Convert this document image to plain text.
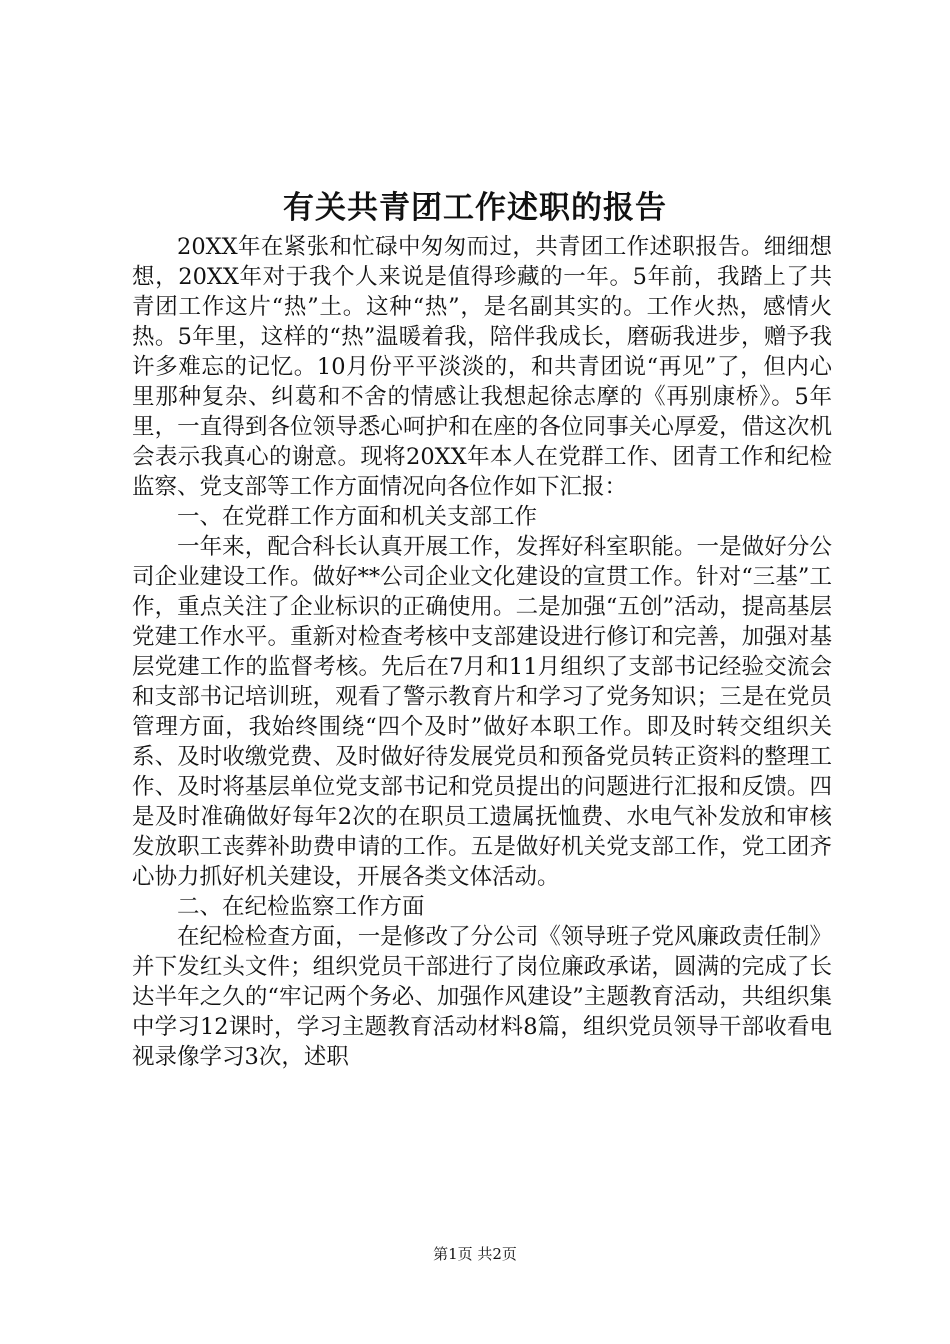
有关共青团工作述职的报告

20XX年在紧张和忙碌中匆匆而过，共青团工作述职报告。细细想想，20XX年对于我个人来说是值得珍藏的一年。5年前，我踏上了共青团工作这片“热”土。这种“热”，是名副其实的。工作火热，感情火热。5年里，这样的“热”温暖着我，陪伴我成长，磨砺我进步，赠予我许多难忘的记忆。10月份平平淡淡的，和共青团说“再见”了，但内心里那种复杂、纠葛和不舍的情感让我想起徐志摩的《再别康桥》。5年里，一直得到各位领导悉心呵护和在座的各位同事关心厚爱，借这次机会表示我真心的谢意。现将20XX年本人在党群工作、团青工作和纪检监察、党支部等工作方面情况向各位作如下汇报：

一、在党群工作方面和机关支部工作

一年来，配合科长认真开展工作，发挥好科室职能。一是做好分公司企业建设工作。做好**公司企业文化建设的宣贯工作。针对“三基”工作，重点关注了企业标识的正确使用。二是加强“五创”活动，提高基层党建工作水平。重新对检查考核中支部建设进行修订和完善，加强对基层党建工作的监督考核。先后在7月和11月组织了支部书记经验交流会和支部书记培训班，观看了警示教育片和学习了党务知识；三是在党员管理方面，我始终围绕“四个及时”做好本职工作。即及时转交组织关系、及时收缴党费、及时做好待发展党员和预备党员转正资料的整理工作、及时将基层单位党支部书记和党员提出的问题进行汇报和反馈。四是及时准确做好每年2次的在职员工遗属抚恤费、水电气补发放和审核发放职工丧葬补助费申请的工作。五是做好机关党支部工作，党工团齐心协力抓好机关建设，开展各类文体活动。

二、在纪检监察工作方面

在纪检检查方面，一是修改了分公司《领导班子党风廉政责任制》并下发红头文件；组织党员干部进行了岗位廉政承诺，圆满的完成了长达半年之久的“牢记两个务必、加强作风建设”主题教育活动，共组织集中学习12课时，学习主题教育活动材料8篇，组织党员领导干部收看电视录像学习3次，述职

第1页 共2页
